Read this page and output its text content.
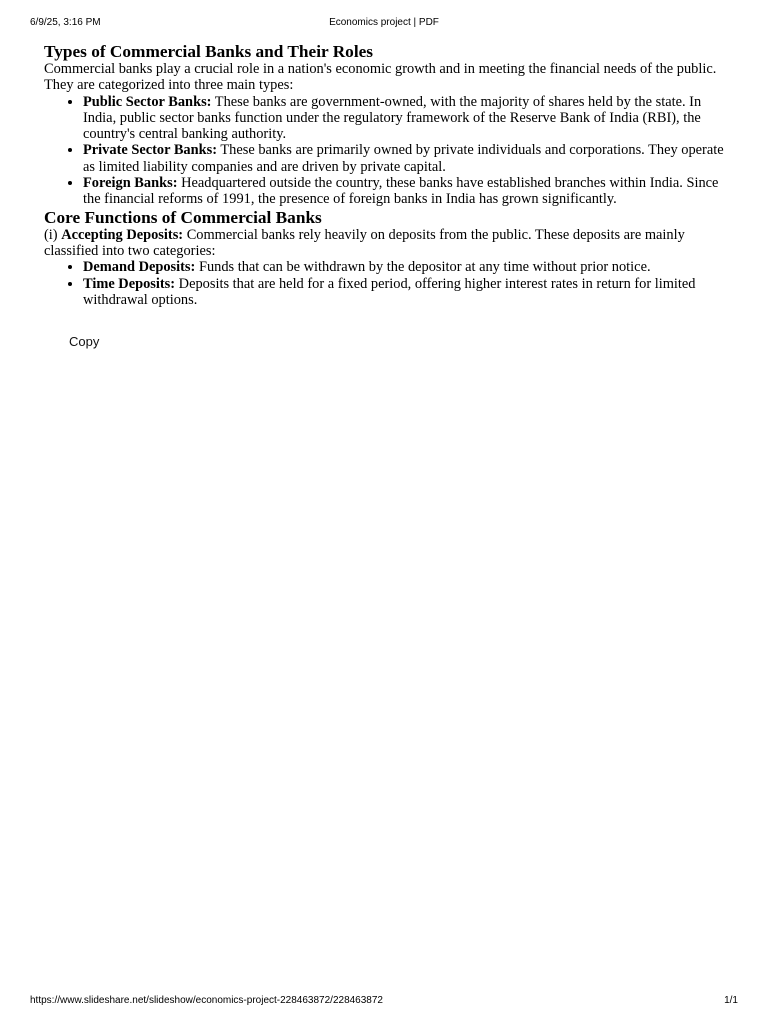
Economics project | PDF
6/9/25, 3:16 PM
Types of Commercial Banks and Their Roles

Commercial banks play a crucial role in a nation's economic growth and in meeting the financial needs of the public. They are categorized into three main types:

• Public Sector Banks: These banks are government-owned, with the majority of shares held by the state. In India, public sector banks function under the regulatory framework of the Reserve Bank of India (RBI), the country's central banking authority.
• Private Sector Banks: These banks are primarily owned by private individuals and corporations. They operate as limited liability companies and are driven by private capital.
• Foreign Banks: Headquartered outside the country, these banks have established branches within India. Since the financial reforms of 1991, the presence of foreign banks in India has grown significantly.
Core Functions of Commercial Banks

(i) Accepting Deposits: Commercial banks rely heavily on deposits from the public. These deposits are mainly classified into two categories:

• Demand Deposits: Funds that can be withdrawn by the depositor at any time without prior notice.
• Time Deposits: Deposits that are held for a fixed period, offering higher interest rates in return for limited withdrawal options.
Copy
https://www.slideshare.net/slideshow/economics-project-228463872/228463872	1/1
